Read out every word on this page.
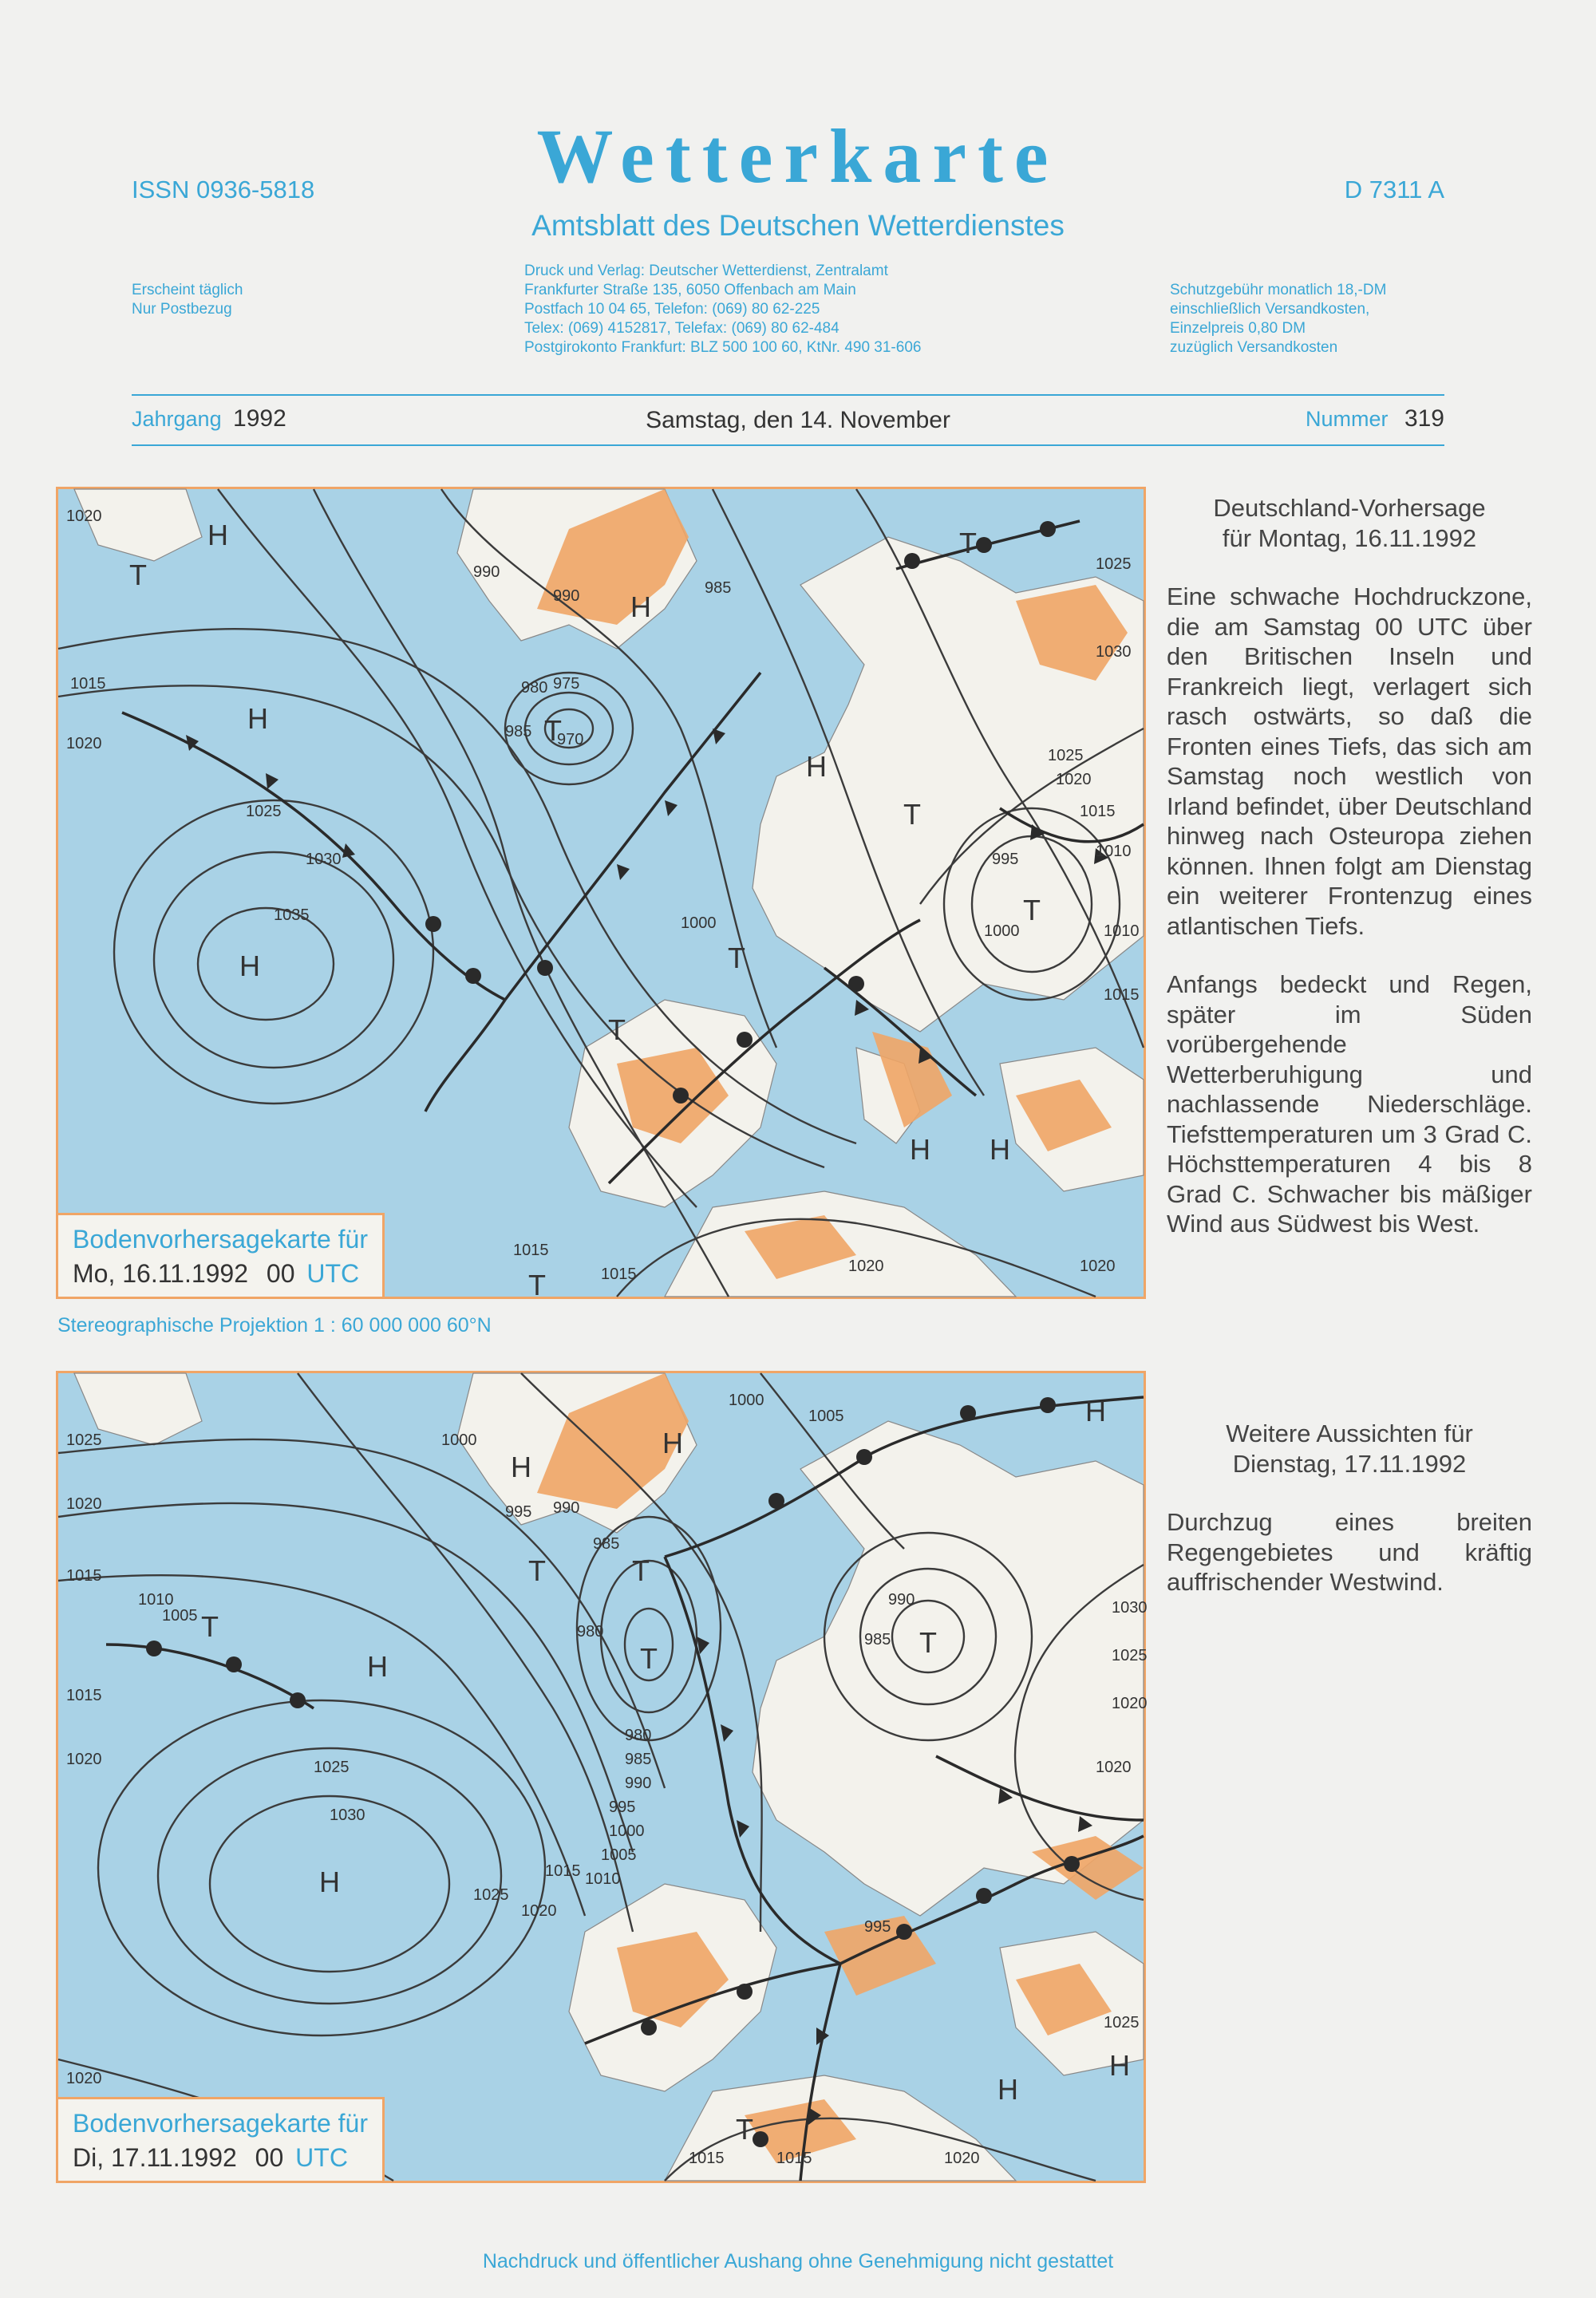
ISSN 0936-5818	Wetterkarte	D 7311 A
Amtsblatt des Deutschen Wetterdienstes
Erscheint täglich
Nur Postbezug
Druck und Verlag: Deutscher Wetterdienst, Zentralamt
Frankfurter Straße 135, 6050 Offenbach am Main
Postfach 10 04 65, Telefon: (069) 80 62-225
Telex: (069) 4152817, Telefax: (069) 80 62-484
Postgirokonto Frankfurt: BLZ 500 100 60, KtNr. 490 31-606
Schutzgebühr monatlich 18,-DM
einschließlich Versandkosten,
Einzelpreis 0,80 DM
zuzüglich Versandkosten
Jahrgang 1992	Samstag, den 14. November	Nummer 319
H
T
H
H
T
T
H
T
H
T
T
H
H
T
T
1020
1015
1020
1025
1030
1035
990
990
985
980 975
970
985
1000
1025
1030
1025
1020
1015
1010
995
1000	1010
1015
1015
1015	1020	1020
Bodenvorhersagekarte für
Mo, 16.11.1992 00 UTC
Stereographische Projektion 1 : 60 000 000 60°N
H
H
H
T	T
T	T
H
H
T
H
H
T
1025
1020
1015
1010
1005
1015
1020	1025
1030
995 990
985
980
1000
1000
1005
980
985
990
995
1000
1005
1010
1015
1020
1025
985
990	1030
1025
1020
1020
995
1015	1015	1020
1025
1020
Bodenvorhersagekarte für
Di, 17.11.1992 00 UTC
Deutschland-Vorhersage
für Montag, 16.11.1992
Eine schwache Hochdruckzone, die am Samstag 00 UTC über den Britischen Inseln und Frankreich liegt, verlagert sich rasch ostwärts, so daß die Fronten eines Tiefs, das sich am Samstag noch westlich von Irland befindet, über Deutschland hinweg nach Osteuropa ziehen können. Ihnen folgt am Dienstag ein weiterer Frontenzug eines atlantischen Tiefs.
Anfangs bedeckt und Regen, später im Süden vorübergehende Wetterberuhigung und nachlassende Niederschläge. Tiefsttemperaturen um 3 Grad C. Höchsttemperaturen 4 bis 8 Grad C. Schwacher bis mäßiger Wind aus Südwest bis West.
Weitere Aussichten für
Dienstag, 17.11.1992
Durchzug eines breiten Regengebietes und kräftig auffrischender Westwind.
Nachdruck und öffentlicher Aushang ohne Genehmigung nicht gestattet
